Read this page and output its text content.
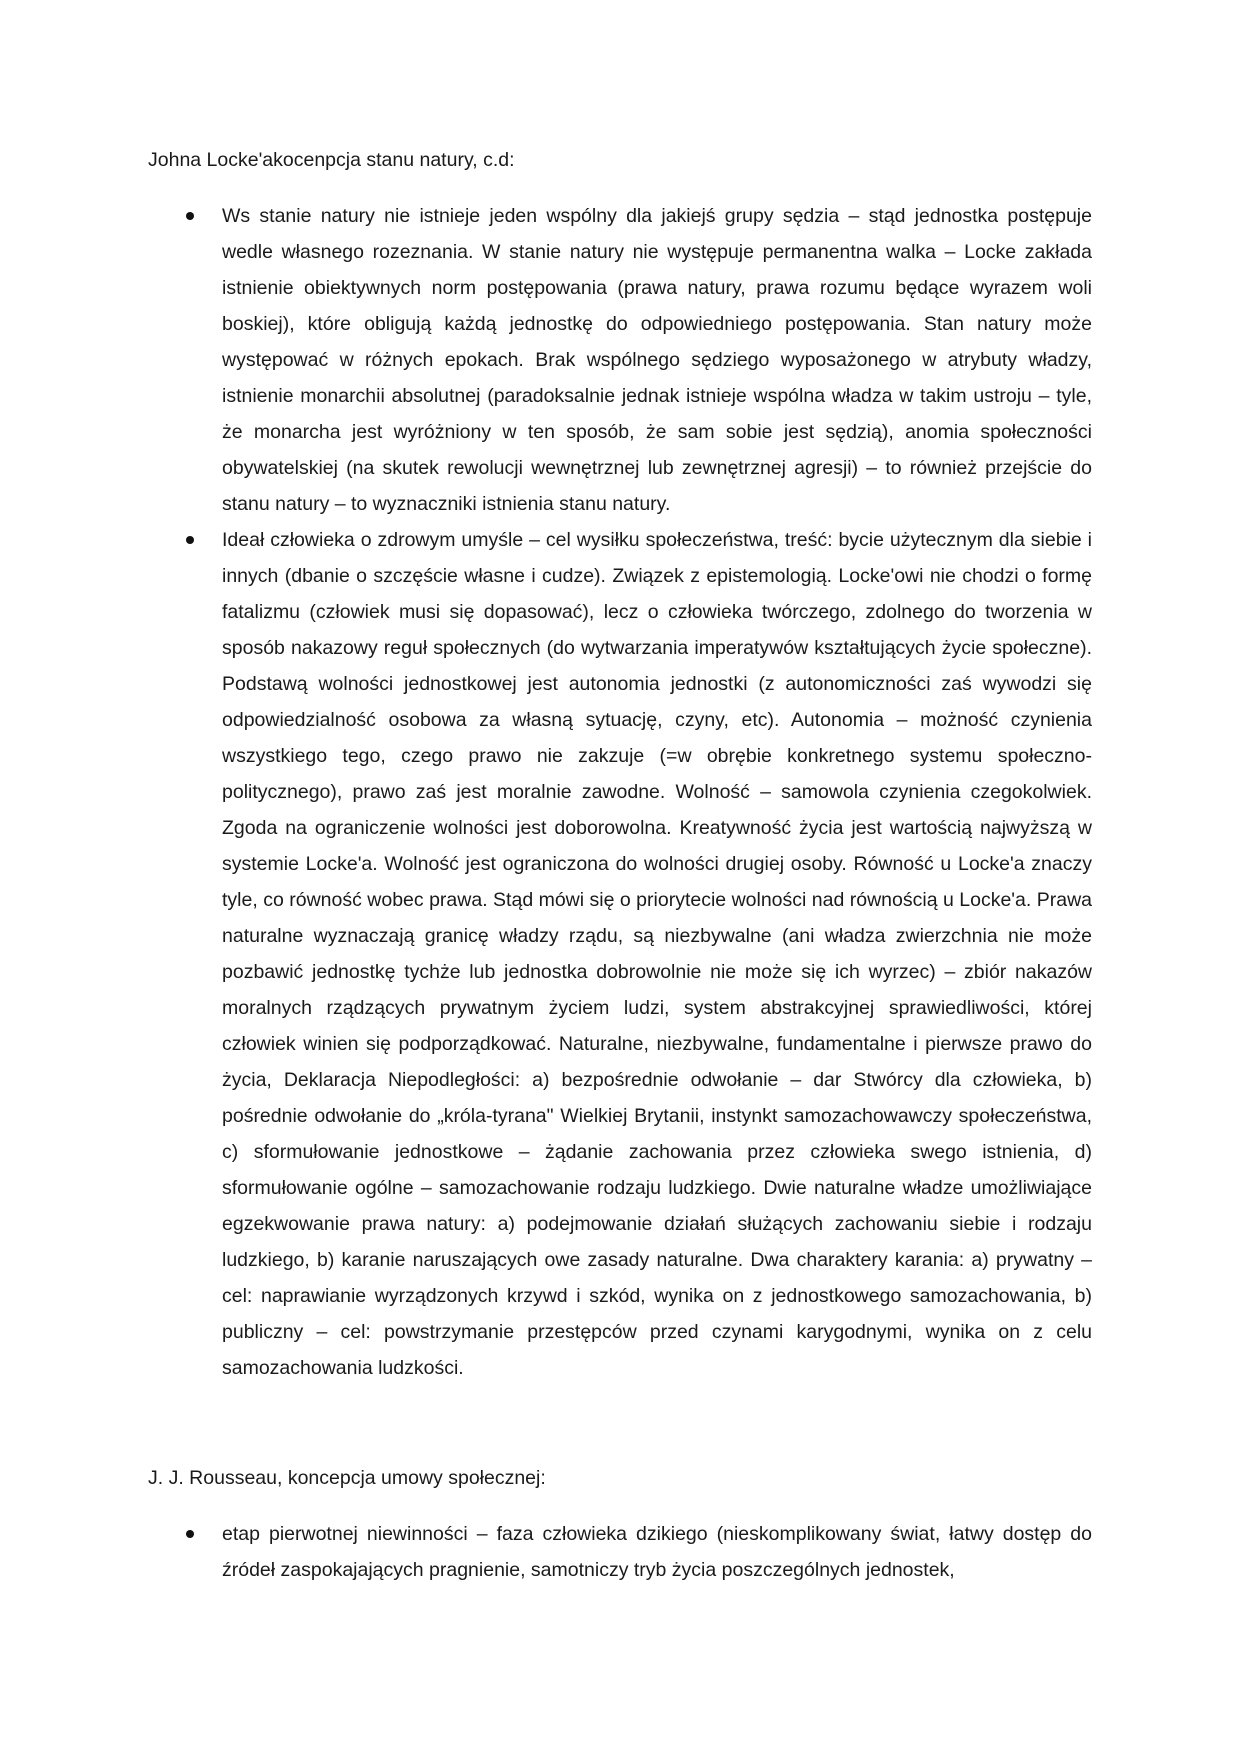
Johna Locke'akocenpcja stanu natury, c.d:
Ws stanie natury nie istnieje jeden wspólny dla jakiejś grupy sędzia – stąd jednostka postępuje wedle własnego rozeznania. W stanie natury nie występuje permanentna walka – Locke zakłada istnienie obiektywnych norm postępowania (prawa natury, prawa rozumu będące wyrazem woli boskiej), które obligują każdą jednostkę do odpowiedniego postępowania. Stan natury może występować w różnych epokach. Brak wspólnego sędziego wyposażonego w atrybuty władzy, istnienie monarchii absolutnej (paradoksalnie jednak istnieje wspólna władza w takim ustroju – tyle, że monarcha jest wyróżniony w ten sposób, że sam sobie jest sędzią), anomia społeczności obywatelskiej (na skutek rewolucji wewnętrznej lub zewnętrznej agresji) – to również przejście do stanu natury – to wyznaczniki istnienia stanu natury.
Ideał człowieka o zdrowym umyśle – cel wysiłku społeczeństwa, treść: bycie użytecznym dla siebie i innych (dbanie o szczęście własne i cudze). Związek z epistemologią. Locke'owi nie chodzi o formę fatalizmu (człowiek musi się dopasować), lecz o człowieka twórczego, zdolnego do tworzenia w sposób nakazowy reguł społecznych (do wytwarzania imperatywów kształtujących życie społeczne). Podstawą wolności jednostkowej jest autonomia jednostki (z autonomiczności zaś wywodzi się odpowiedzialność osobowa za własną sytuację, czyny, etc). Autonomia – możność czynienia wszystkiego tego, czego prawo nie zakzuje (=w obrębie konkretnego systemu społeczno-politycznego), prawo zaś jest moralnie zawodne. Wolność – samowola czynienia czegokolwiek. Zgoda na ograniczenie wolności jest doborowolna. Kreatywność życia jest wartością najwyższą w systemie Locke'a. Wolność jest ograniczona do wolności drugiej osoby. Równość u Locke'a znaczy tyle, co równość wobec prawa. Stąd mówi się o priorytecie wolności nad równością u Locke'a. Prawa naturalne wyznaczają granicę władzy rządu, są niezbywalne (ani władza zwierzchnia nie może pozbawić jednostkę tychże lub jednostka dobrowolnie nie może się ich wyrzec) – zbiór nakazów moralnych rządzących prywatnym życiem ludzi, system abstrakcyjnej sprawiedliwości, której człowiek winien się podporządkować. Naturalne, niezbywalne, fundamentalne i pierwsze prawo do życia, Deklaracja Niepodległości: a) bezpośrednie odwołanie – dar Stwórcy dla człowieka, b) pośrednie odwołanie do „króla-tyrana" Wielkiej Brytanii, instynkt samozachowawczy społeczeństwa, c) sformułowanie jednostkowe – żądanie zachowania przez człowieka swego istnienia, d) sformułowanie ogólne – samozachowanie rodzaju ludzkiego. Dwie naturalne władze umożliwiające egzekwowanie prawa natury: a) podejmowanie działań służących zachowaniu siebie i rodzaju ludzkiego, b) karanie naruszających owe zasady naturalne. Dwa charaktery karania: a) prywatny – cel: naprawianie wyrządzonych krzywd i szkód, wynika on z jednostkowego samozachowania, b) publiczny – cel: powstrzymanie przestępców przed czynami karygodnymi, wynika on z celu samozachowania ludzkości.
J. J. Rousseau, koncepcja umowy społecznej:
etap pierwotnej niewinności – faza człowieka dzikiego (nieskomplikowany świat, łatwy dostęp do źródeł zaspokajających pragnienie, samotniczy tryb życia poszczególnych jednostek,
